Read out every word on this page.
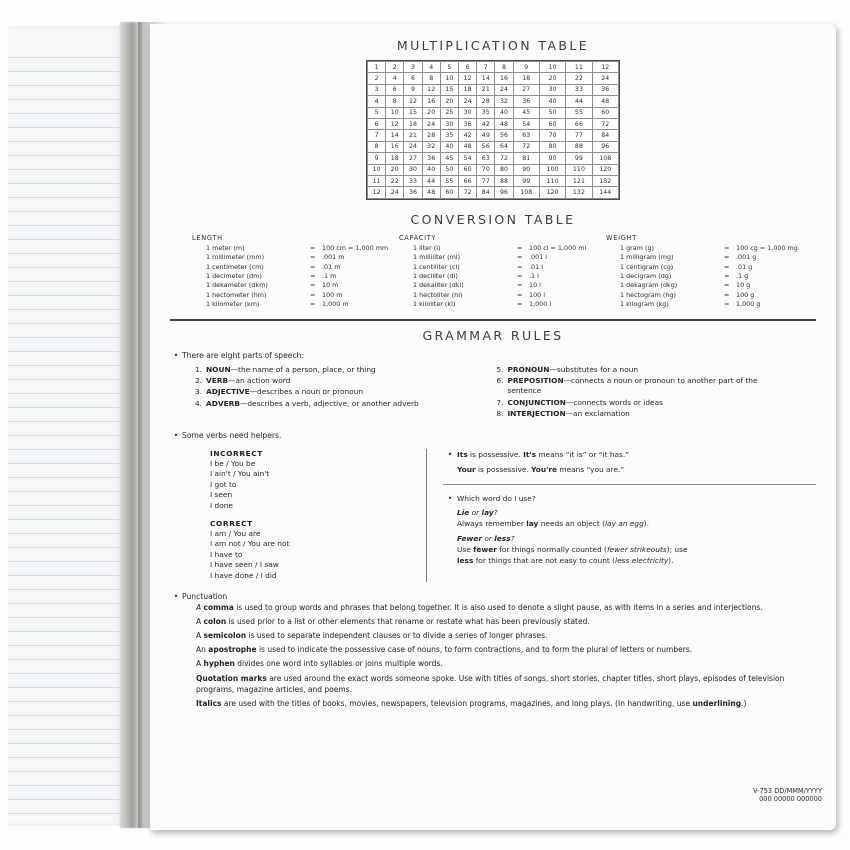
MULTIPLICATION TABLE
1	2	3	4	5	6	7	8	9	10	11	12
2	4	6	8	10	12	14	16	18	20	22	24
3	6	9	12	15	18	21	24	27	30	33	36
4	8	12	16	20	24	28	32	36	40	44	48
5	10	15	20	25	30	35	40	45	50	55	60
6	12	18	24	30	36	42	48	54	60	66	72
7	14	21	28	35	42	49	56	63	70	77	84
8	16	24	32	40	48	56	64	72	80	88	96
9	18	27	36	45	54	63	72	81	90	99	108
10	20	30	40	50	60	70	80	90	100	110	120
11	22	33	44	55	66	77	88	99	110	121	132
12	24	36	48	60	72	84	96	108	120	132	144
CONVERSION TABLE
LENGTH
1 meter (m)	=	100 cm = 1,000 mm
1 millimeter (mm)	=	.001 m
1 centimeter (cm)	=	.01 m
1 decimeter (dm)	=	.1 m
1 dekameter (dkm)	=	10 m
1 hectometer (hm)	=	100 m
1 kilometer (km)	=	1,000 m
CAPACITY
1 liter (l)	=	100 cl = 1,000 ml
1 milliliter (ml)	=	.001 l
1 centiliter (cl)	=	.01 l
1 deciliter (dl)	=	.1 l
1 dekaliter (dkl)	=	10 l
1 hectoliter (hl)	=	100 l
1 kiloliter (kl)	=	1,000 l
WEIGHT
1 gram (g)	=	100 cg = 1,000 mg
1 milligram (mg)	=	.001 g
1 centigram (cg)	=	.01 g
1 decigram (dg)	=	.1 g
1 dekagram (dkg)	=	10 g
1 hectogram (hg)	=	100 g
1 kilogram (kg)	=	1,000 g
GRAMMAR RULES
• There are eight parts of speech:
1. NOUN—the name of a person, place, or thing
2. VERB—an action word
3. ADJECTIVE—describes a noun or pronoun
4. ADVERB—describes a verb, adjective, or another adverb
5. PRONOUN—substitutes for a noun
6. PREPOSITION—connects a noun or pronoun to another part of the sentence
7. CONJUNCTION—connects words or ideas
8. INTERJECTION—an exclamation
• Some verbs need helpers.
INCORRECT
I be / You be
I ain't / You ain't
I got to
I seen
I done
CORRECT
I am / You are
I am not / You are not
I have to
I have seen / I saw
I have done / I did
• Its is possessive. It's means “it is” or “it has.”
Your is possessive. You're means “you are.”
• Which word do I use?
Lie or lay?
Always remember lay needs an object (lay an egg).
Fewer or less?
Use fewer for things normally counted (fewer strikeouts); use
less for things that are not easy to count (less electricity).
• Punctuation

A comma is used to group words and phrases that belong together. It is also used to denote a slight pause, as with items in a series and interjections.

A colon is used prior to a list or other elements that rename or restate what has been previously stated.

A semicolon is used to separate independent clauses or to divide a series of longer phrases.

An apostrophe is used to indicate the possessive case of nouns, to form contractions, and to form the plural of letters or numbers.

A hyphen divides one word into syllables or joins multiple words.

Quotation marks are used around the exact words someone spoke. Use with titles of songs, short stories, chapter titles, short plays, episodes of television programs, magazine articles, and poems.

Italics are used with the titles of books, movies, newspapers, television programs, magazines, and long plays. (In handwriting, use underlining.)

V-753 DD/MMM/YYYY
000 00000 000000
